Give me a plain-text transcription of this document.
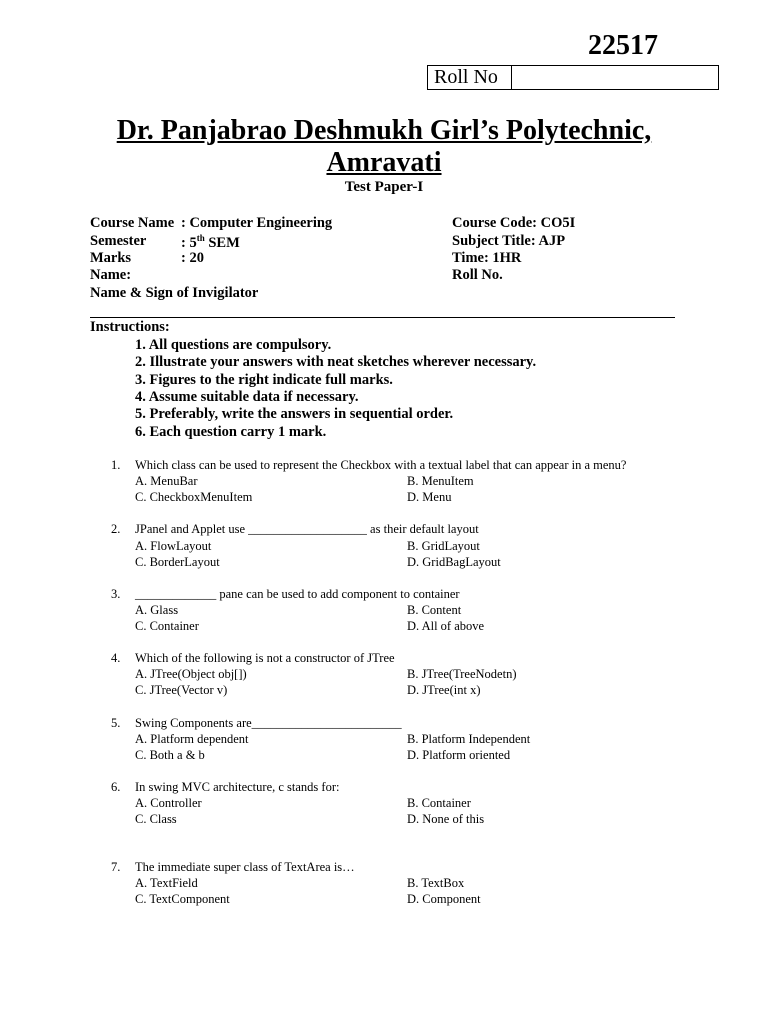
22517
Roll No
Dr. Panjabrao Deshmukh Girl’s Polytechnic,
Amravati
Test Paper-I
Course Name : Computer Engineering
Semester : 5th SEM
Marks	: 20
Name:
Name & Sign of Invigilator
Course Code: CO5I
Subject Title: AJP
Time: 1HR
Roll No.
Instructions:
1. All questions are compulsory.
2. Illustrate your answers with neat sketches wherever necessary.
3. Figures to the right indicate full marks.
4. Assume suitable data if necessary.
5. Preferably, write the answers in sequential order.
6. Each question carry 1 mark.
1. Which class can be used to represent the Checkbox with a textual label that can appear in a menu?
A. MenuBar	B. MenuItem
C. CheckboxMenuItem	D. Menu
2. JPanel and Applet use ___________________ as their default layout
A. FlowLayout	B. GridLayout
C. BorderLayout	D. GridBagLayout
3. _____________ pane can be used to add component to container
A. Glass	B. Content
C. Container	D. All of above
4. Which of the following is not a constructor of JTree
A. JTree(Object obj[])	B. JTree(TreeNodetn)
C. JTree(Vector v)	D. JTree(int x)
5. Swing Components are________________________
A. Platform dependent	B. Platform Independent
C. Both a & b	D. Platform oriented
6. In swing MVC architecture, c stands for:
A. Controller	B. Container
C. Class	D. None of this
7. The immediate super class of TextArea is…
A. TextField	B. TextBox
C. TextComponent	D. Component
